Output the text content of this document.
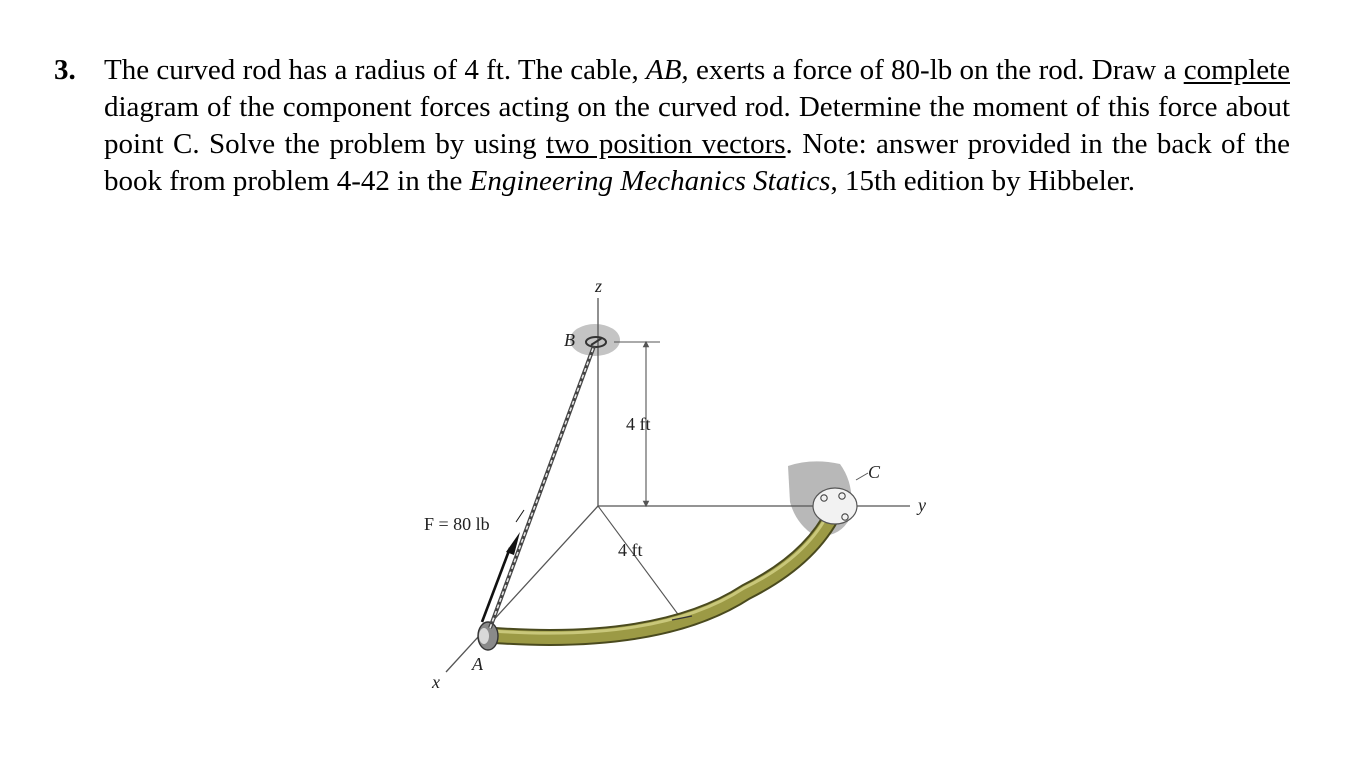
3. The curved rod has a radius of 4 ft. The cable, AB, exerts a force of 80-lb on the rod. Draw a complete diagram of the component forces acting on the curved rod. Determine the moment of this force about point C. Solve the problem by using two position vectors. Note: answer provided in the back of the book from problem 4-42 in the Engineering Mechanics Statics, 15th edition by Hibbeler.
z
y
x
B
A
C
4 ft
4 ft
F = 80 lb
